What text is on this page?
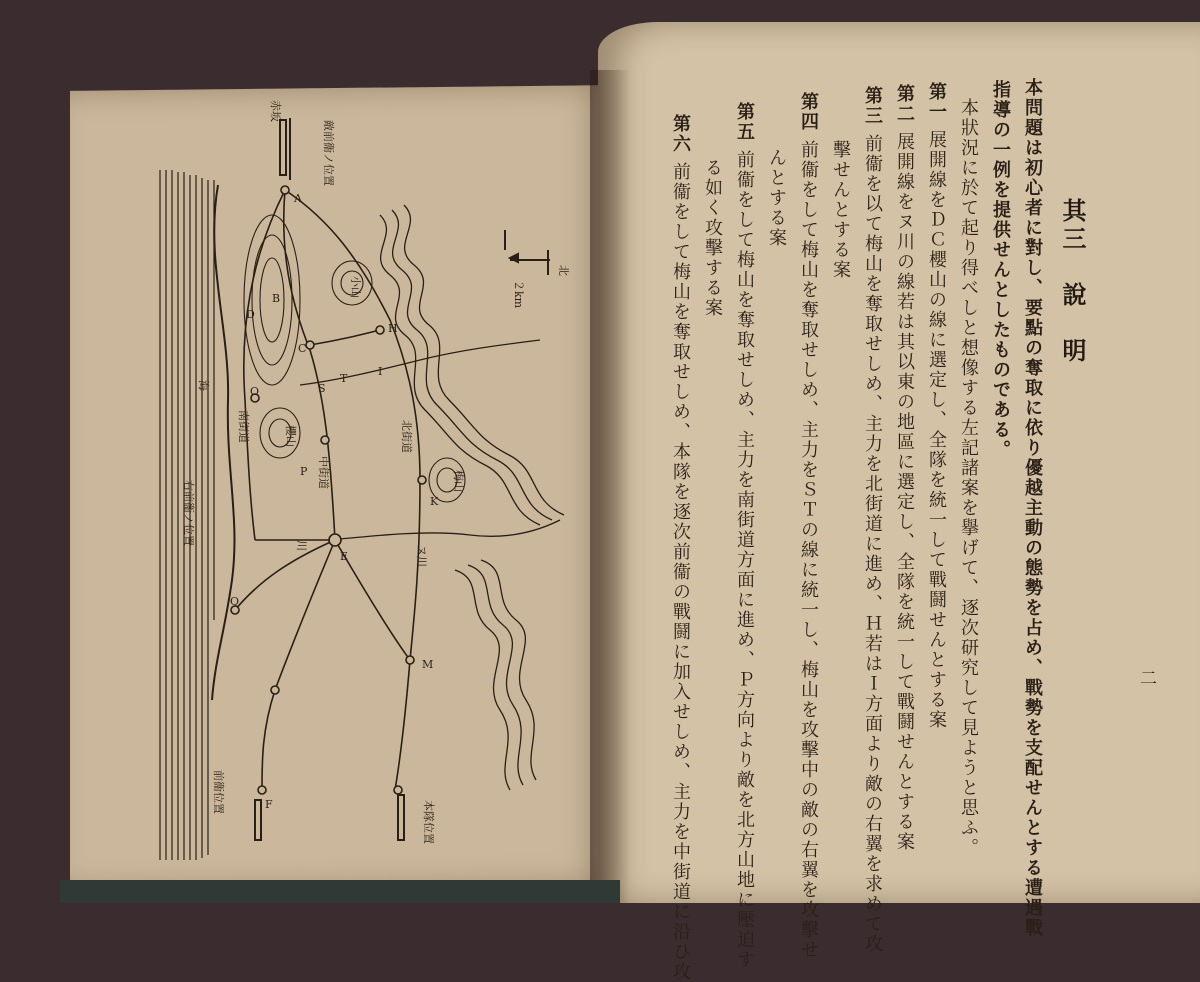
北
２km
小山
櫻山
梅山
北街道
中街道
南街道
川	ヌ川
海
赤坂
敵前衞ノ位置
右前衞ノ位置
前衞位置
本隊位置
A
B
C
D
E
F
H
I
K
M
O
P
Q
S
T
二
其三　說　明
本問題は初心者に對し、要點の奪取に依り優越主動の態勢を占め、戰勢を支配せんとする遭遇戰
指導の一例を提供せんとしたものである。
本狀況に於て起り得べしと想像する左記諸案を擧げて、逐次研究して見ようと思ふ。
第一
展開線をＤＣ櫻山の線に選定し、全隊を統一して戰鬪せんとする案
第二
展開線をヌ川の線若は其以東の地區に選定し、全隊を統一して戰鬪せんとする案
第三
前衞を以て梅山を奪取せしめ、主力を北街道に進め、Ｈ若はＩ方面より敵の右翼を求めて攻
擊せんとする案
第四
前衞をして梅山を奪取せしめ、主力をＳＴの線に統一し、梅山を攻擊中の敵の右翼を攻擊せ
んとする案
第五
前衞をして梅山を奪取せしめ、主力を南街道方面に進め、Ｐ方向より敵を北方山地に壓迫す
る如く攻擊する案
第六
前衞をして梅山を奪取せしめ、本隊を逐次前衞の戰鬪に加入せしめ、主力を中街道に沿ひ攻
